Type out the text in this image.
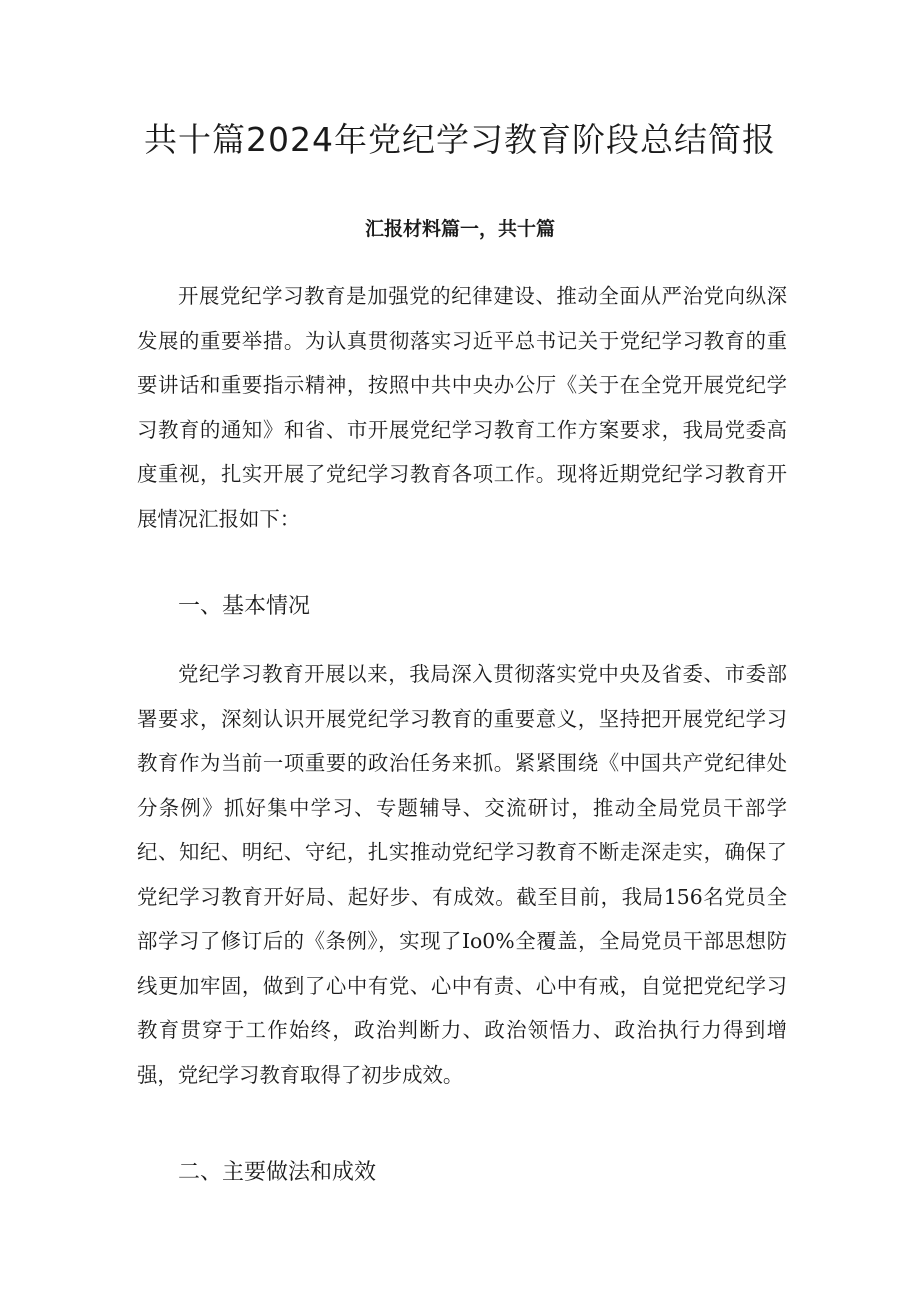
共十篇2024年党纪学习教育阶段总结简报
汇报材料篇一，共十篇

开展党纪学习教育是加强党的纪律建设、推动全面从严治党向纵深发展的重要举措。为认真贯彻落实习近平总书记关于党纪学习教育的重要讲话和重要指示精神，按照中共中央办公厅《关于在全党开展党纪学习教育的通知》和省、市开展党纪学习教育工作方案要求，我局党委高度重视，扎实开展了党纪学习教育各项工作。现将近期党纪学习教育开展情况汇报如下：

一、基本情况

党纪学习教育开展以来，我局深入贯彻落实党中央及省委、市委部署要求，深刻认识开展党纪学习教育的重要意义，坚持把开展党纪学习教育作为当前一项重要的政治任务来抓。紧紧围绕《中国共产党纪律处分条例》抓好集中学习、专题辅导、交流研讨，推动全局党员干部学纪、知纪、明纪、守纪，扎实推动党纪学习教育不断走深走实，确保了党纪学习教育开好局、起好步、有成效。截至目前，我局156名党员全部学习了修订后的《条例》，实现了Io0%全覆盖，全局党员干部思想防线更加牢固，做到了心中有党、心中有责、心中有戒，自觉把党纪学习教育贯穿于工作始终，政治判断力、政治领悟力、政治执行力得到增强，党纪学习教育取得了初步成效。

二、主要做法和成效
